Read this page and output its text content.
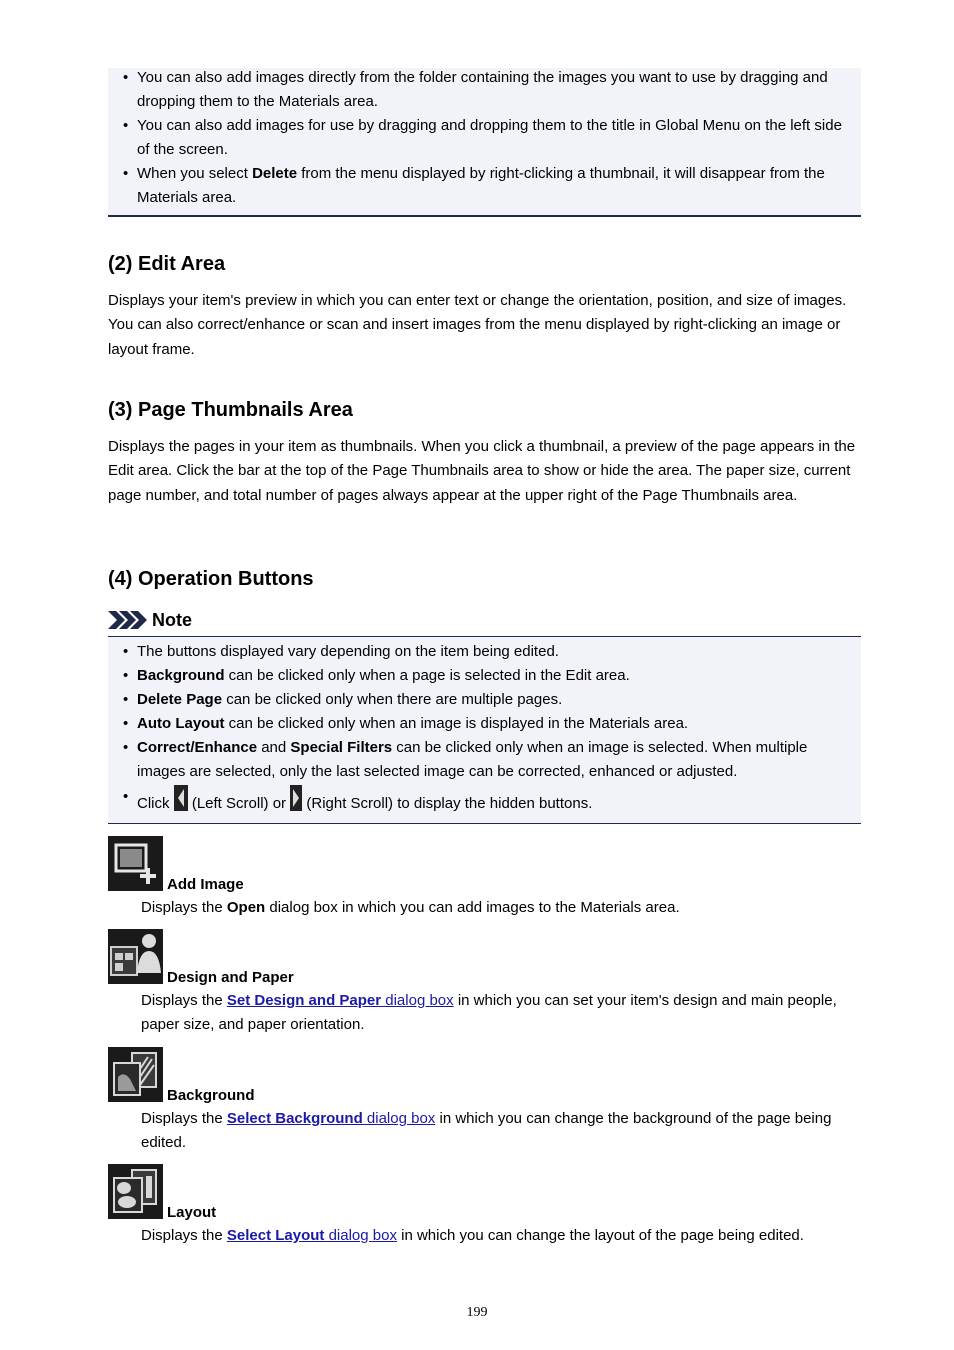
• You can also add images directly from the folder containing the images you want to use by dragging and dropping them to the Materials area.
• You can also add images for use by dragging and dropping them to the title in Global Menu on the left side of the screen.
• When you select Delete from the menu displayed by right-clicking a thumbnail, it will disappear from the Materials area.
(2) Edit Area

Displays your item's preview in which you can enter text or change the orientation, position, and size of images. You can also correct/enhance or scan and insert images from the menu displayed by right-clicking an image or layout frame.

(3) Page Thumbnails Area

Displays the pages in your item as thumbnails. When you click a thumbnail, a preview of the page appears in the Edit area. Click the bar at the top of the Page Thumbnails area to show or hide the area. The paper size, current page number, and total number of pages always appear at the upper right of the Page Thumbnails area.

(4) Operation Buttons
Note
• The buttons displayed vary depending on the item being edited.
• Background can be clicked only when a page is selected in the Edit area.
• Delete Page can be clicked only when there are multiple pages.
• Auto Layout can be clicked only when an image is displayed in the Materials area.
• Correct/Enhance and Special Filters can be clicked only when an image is selected. When multiple images are selected, only the last selected image can be corrected, enhanced or adjusted.
• Click  (Left Scroll) or  (Right Scroll) to display the hidden buttons.
Add Image

Displays the Open dialog box in which you can add images to the Materials area.

Design and Paper

Displays the Set Design and Paper dialog box in which you can set your item's design and main people, paper size, and paper orientation.

Background

Displays the Select Background dialog box in which you can change the background of the page being edited.

Layout

Displays the Select Layout dialog box in which you can change the layout of the page being edited.

199
